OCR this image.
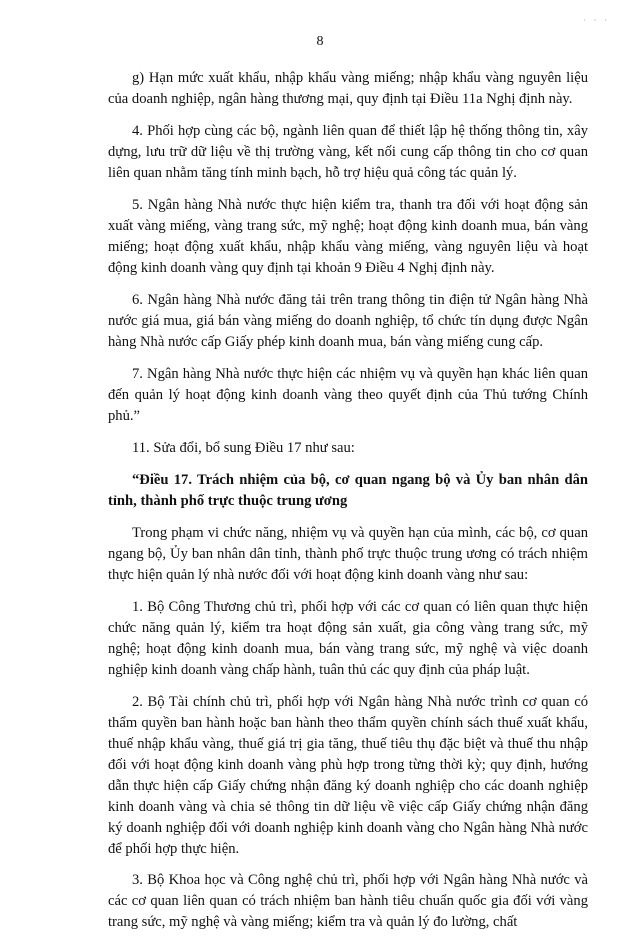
· · ·
8

g) Hạn mức xuất khẩu, nhập khẩu vàng miếng; nhập khẩu vàng nguyên liệu của doanh nghiệp, ngân hàng thương mại, quy định tại Điều 11a Nghị định này.

4. Phối hợp cùng các bộ, ngành liên quan để thiết lập hệ thống thông tin, xây dựng, lưu trữ dữ liệu về thị trường vàng, kết nối cung cấp thông tin cho cơ quan liên quan nhằm tăng tính minh bạch, hỗ trợ hiệu quả công tác quản lý.

5. Ngân hàng Nhà nước thực hiện kiểm tra, thanh tra đối với hoạt động sản xuất vàng miếng, vàng trang sức, mỹ nghệ; hoạt động kinh doanh mua, bán vàng miếng; hoạt động xuất khẩu, nhập khẩu vàng miếng, vàng nguyên liệu và hoạt động kinh doanh vàng quy định tại khoản 9 Điều 4 Nghị định này.

6. Ngân hàng Nhà nước đăng tải trên trang thông tin điện tử Ngân hàng Nhà nước giá mua, giá bán vàng miếng do doanh nghiệp, tổ chức tín dụng được Ngân hàng Nhà nước cấp Giấy phép kinh doanh mua, bán vàng miếng cung cấp.

7. Ngân hàng Nhà nước thực hiện các nhiệm vụ và quyền hạn khác liên quan đến quản lý hoạt động kinh doanh vàng theo quyết định của Thủ tướng Chính phủ.”

11. Sửa đổi, bổ sung Điều 17 như sau:

“Điều 17. Trách nhiệm của bộ, cơ quan ngang bộ và Ủy ban nhân dân tỉnh, thành phố trực thuộc trung ương

Trong phạm vi chức năng, nhiệm vụ và quyền hạn của mình, các bộ, cơ quan ngang bộ, Ủy ban nhân dân tỉnh, thành phố trực thuộc trung ương có trách nhiệm thực hiện quản lý nhà nước đối với hoạt động kinh doanh vàng như sau:

1. Bộ Công Thương chủ trì, phối hợp với các cơ quan có liên quan thực hiện chức năng quản lý, kiểm tra hoạt động sản xuất, gia công vàng trang sức, mỹ nghệ; hoạt động kinh doanh mua, bán vàng trang sức, mỹ nghệ và việc doanh nghiệp kinh doanh vàng chấp hành, tuân thủ các quy định của pháp luật.

2. Bộ Tài chính chủ trì, phối hợp với Ngân hàng Nhà nước trình cơ quan có thẩm quyền ban hành hoặc ban hành theo thẩm quyền chính sách thuế xuất khẩu, thuế nhập khẩu vàng, thuế giá trị gia tăng, thuế tiêu thụ đặc biệt và thuế thu nhập đối với hoạt động kinh doanh vàng phù hợp trong từng thời kỳ; quy định, hướng dẫn thực hiện cấp Giấy chứng nhận đăng ký doanh nghiệp cho các doanh nghiệp kinh doanh vàng và chia sẻ thông tin dữ liệu về việc cấp Giấy chứng nhận đăng ký doanh nghiệp đối với doanh nghiệp kinh doanh vàng cho Ngân hàng Nhà nước để phối hợp thực hiện.

3. Bộ Khoa học và Công nghệ chủ trì, phối hợp với Ngân hàng Nhà nước và các cơ quan liên quan có trách nhiệm ban hành tiêu chuẩn quốc gia đối với vàng trang sức, mỹ nghệ và vàng miếng; kiểm tra và quản lý đo lường, chất
